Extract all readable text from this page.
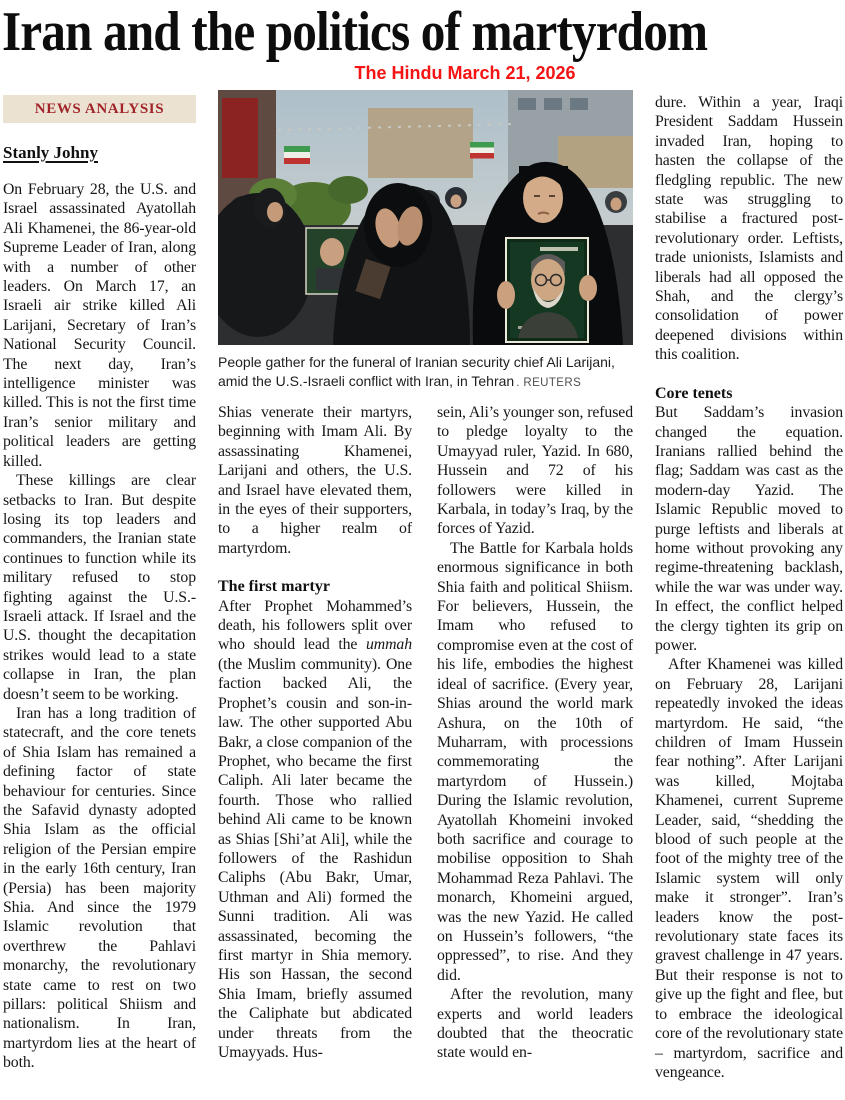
Iran and the politics of martyrdom
The Hindu March 21, 2026
NEWS ANALYSIS
Stanly Johny

On February 28, the U.S. and Israel assassinated Ayatollah Ali Khamenei, the 86-year-old Supreme Leader of Iran, along with a number of other leaders. On March 17, an Israeli air strike killed Ali Larijani, Secretary of Iran’s National Security Council. The next day, Iran’s intelligence minister was killed. This is not the first time Iran’s senior military and political leaders are getting killed.

These killings are clear setbacks to Iran. But despite losing its top leaders and commanders, the Iranian state continues to function while its military refused to stop fighting against the U.S.-Israeli attack. If Israel and the U.S. thought the decapitation strikes would lead to a state collapse in Iran, the plan doesn’t seem to be working.

Iran has a long tradition of statecraft, and the core tenets of Shia Islam has remained a defining factor of state behaviour for centuries. Since the Safavid dynasty adopted Shia Islam as the official religion of the Persian empire in the early 16th century, Iran (Persia) has been majority Shia. And since the 1979 Islamic revolution that overthrew the Pahlavi monarchy, the revolutionary state came to rest on two pillars: political Shiism and nationalism. In Iran, martyrdom lies at the heart of both.

People gather for the funeral of Iranian security chief Ali Larijani, amid the U.S.-Israeli conflict with Iran, in Tehran . REUTERS

Shias venerate their martyrs, beginning with Imam Ali. By assassinating Khamenei, Larijani and others, the U.S. and Israel have elevated them, in the eyes of their supporters, to a higher realm of martyrdom.

The first martyr

After Prophet Mohammed’s death, his followers split over who should lead the ummah (the Muslim community). One faction backed Ali, the Prophet’s cousin and son-in-law. The other supported Abu Bakr, a close companion of the Prophet, who became the first Caliph. Ali later became the fourth. Those who rallied behind Ali came to be known as Shias [Shi’at Ali], while the followers of the Rashidun Caliphs (Abu Bakr, Umar, Uthman and Ali) formed the Sunni tradition. Ali was assassinated, becoming the first martyr in Shia memory. His son Hassan, the second Shia Imam, briefly assumed the Caliphate but abdicated under threats from the Umayyads. Hus-

sein, Ali’s younger son, refused to pledge loyalty to the Umayyad ruler, Yazid. In 680, Hussein and 72 of his followers were killed in Karbala, in today’s Iraq, by the forces of Yazid.

The Battle for Karbala holds enormous significance in both Shia faith and political Shiism. For believers, Hussein, the Imam who refused to compromise even at the cost of his life, embodies the highest ideal of sacrifice. (Every year, Shias around the world mark Ashura, on the 10th of Muharram, with processions commemorating the martyrdom of Hussein.) During the Islamic revolution, Ayatollah Khomeini invoked both sacrifice and courage to mobilise opposition to Shah Mohammad Reza Pahlavi. The monarch, Khomeini argued, was the new Yazid. He called on Hussein’s followers, “the oppressed”, to rise. And they did.

After the revolution, many experts and world leaders doubted that the theocratic state would en-

dure. Within a year, Iraqi President Saddam Hussein invaded Iran, hoping to hasten the collapse of the fledgling republic. The new state was struggling to stabilise a fractured post-revolutionary order. Leftists, trade unionists, Islamists and liberals had all opposed the Shah, and the clergy’s consolidation of power deepened divisions within this coalition.

Core tenets

But Saddam’s invasion changed the equation. Iranians rallied behind the flag; Saddam was cast as the modern-day Yazid. The Islamic Republic moved to purge leftists and liberals at home without provoking any regime-threatening backlash, while the war was under way. In effect, the conflict helped the clergy tighten its grip on power.

After Khamenei was killed on February 28, Larijani repeatedly invoked the ideas martyrdom. He said, “the children of Imam Hussein fear nothing”. After Larijani was killed, Mojtaba Khamenei, current Supreme Leader, said, “shedding the blood of such people at the foot of the mighty tree of the Islamic system will only make it stronger”. Iran’s leaders know the post-revolutionary state faces its gravest challenge in 47 years. But their response is not to give up the fight and flee, but to embrace the ideological core of the revolutionary state – martyrdom, sacrifice and vengeance.
